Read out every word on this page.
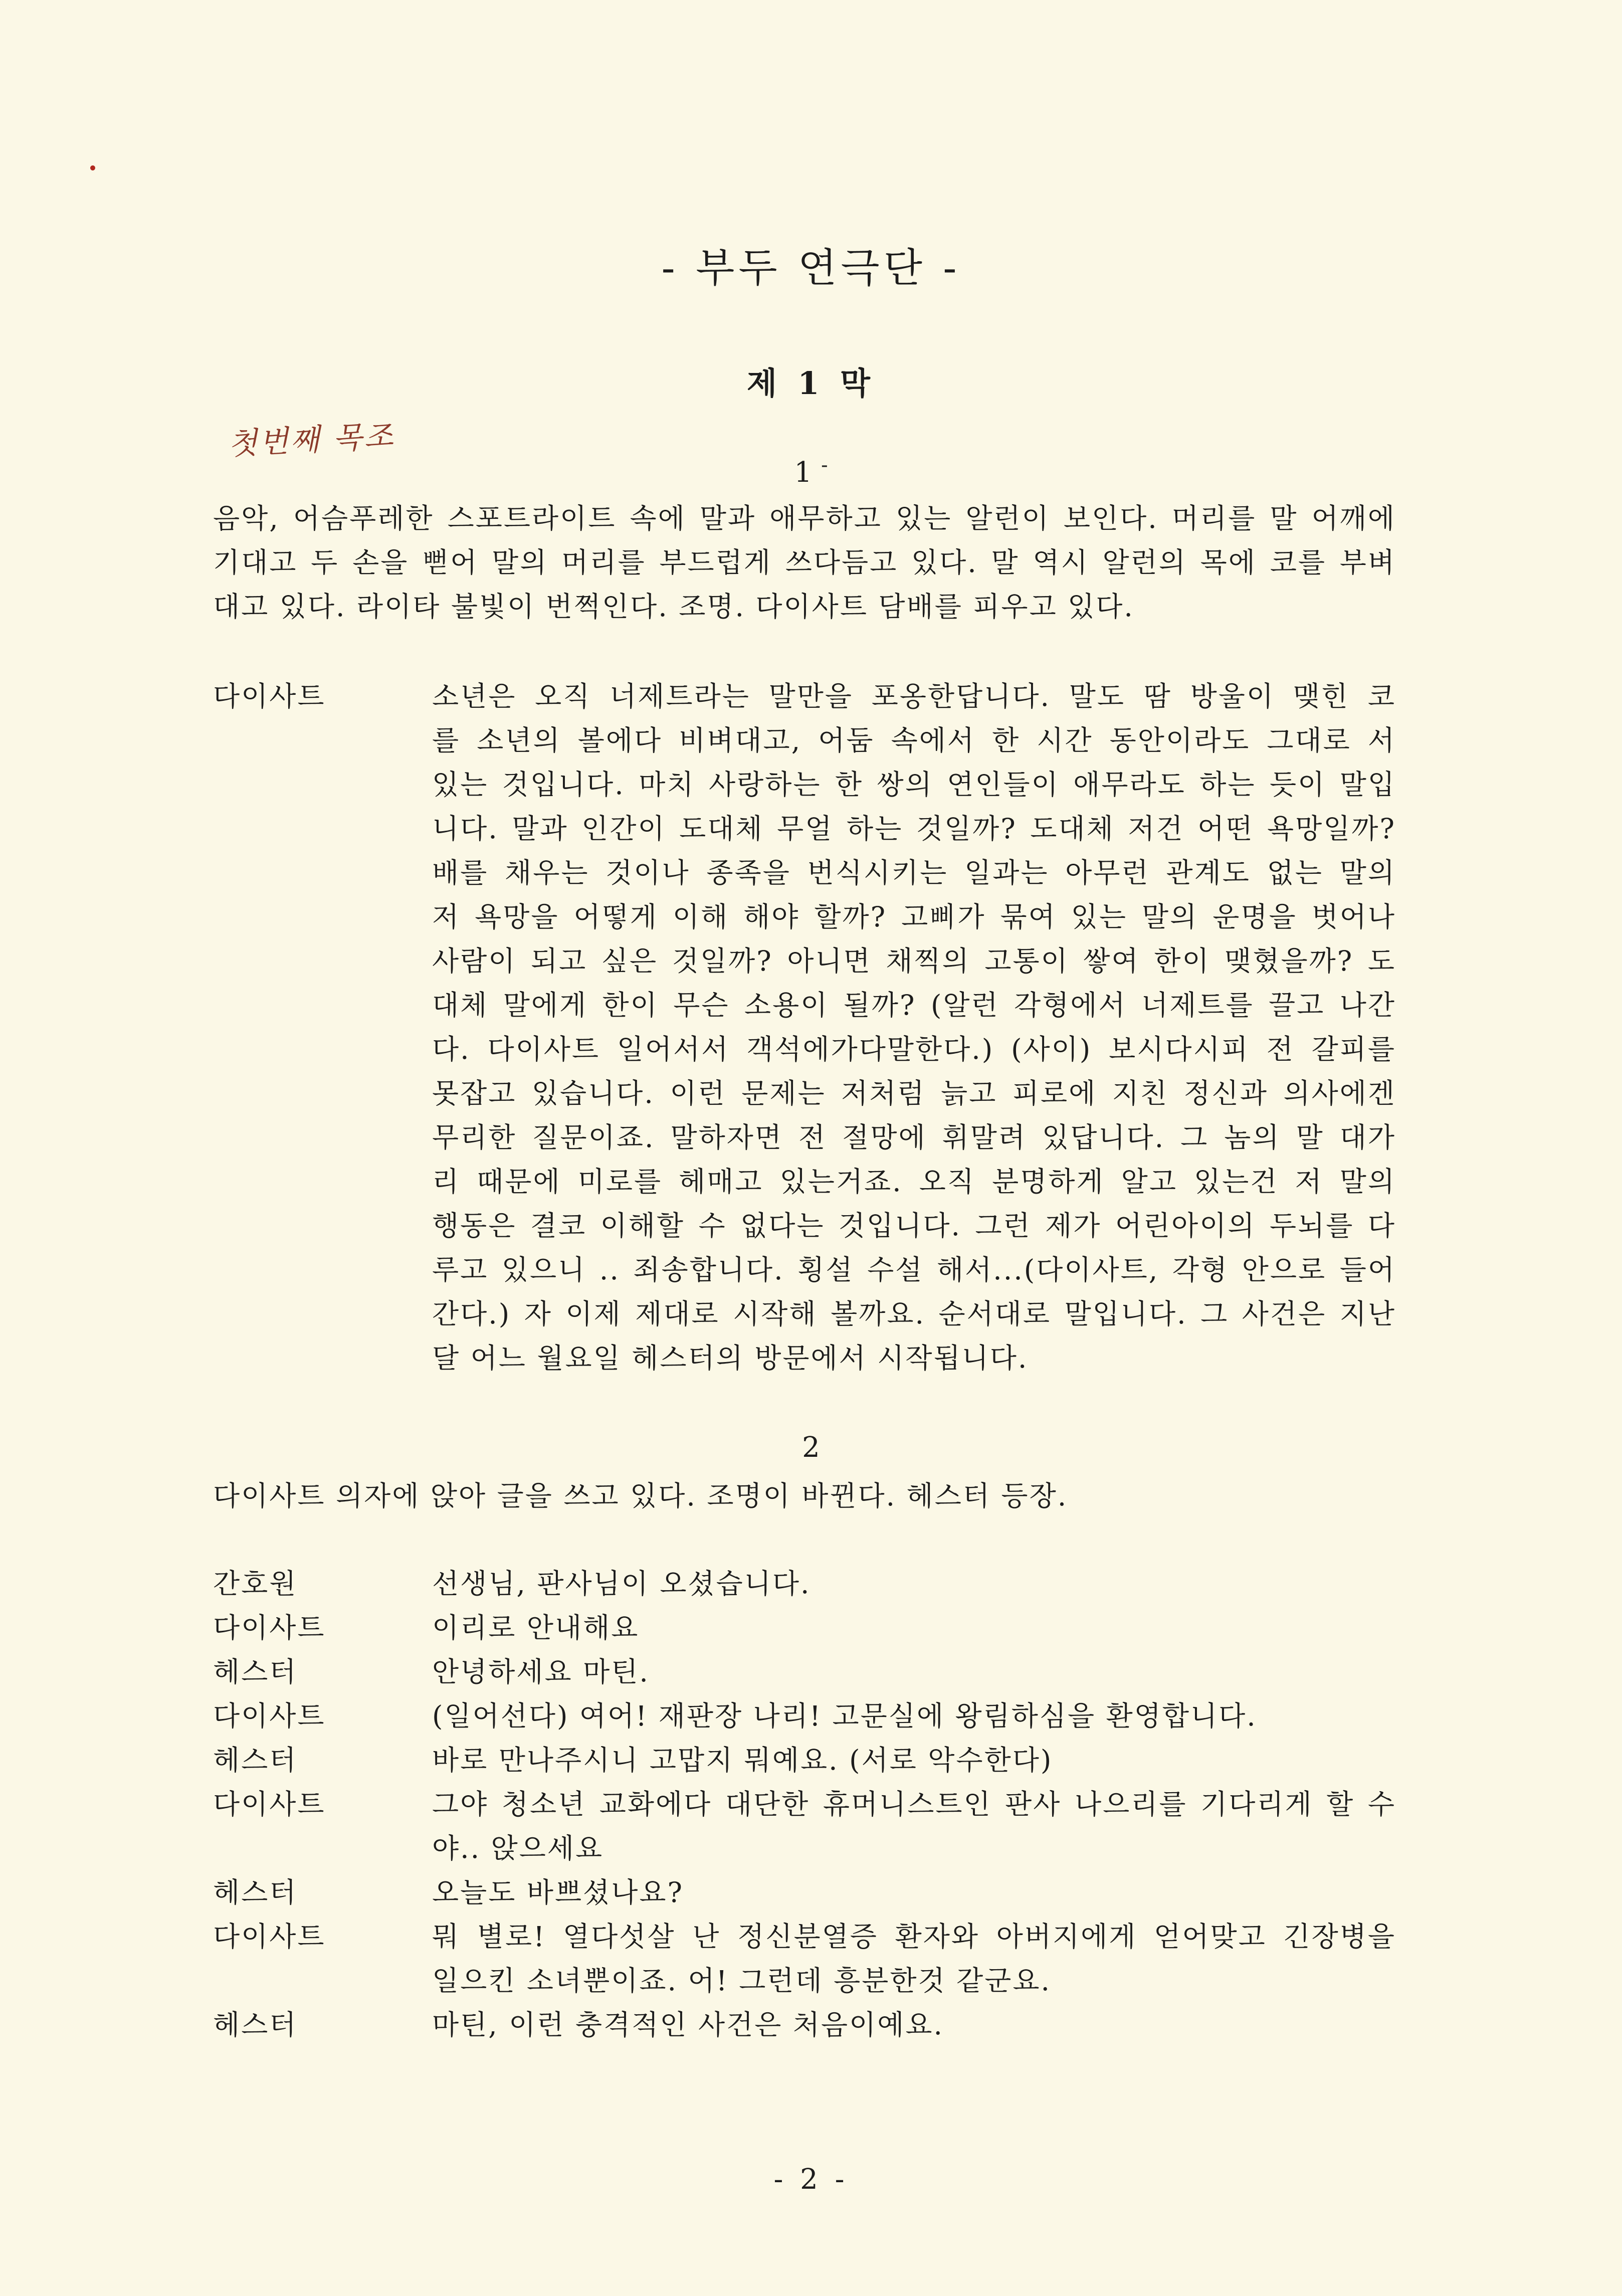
- 부두 연극단 -
제 1 막
첫번째 목조
1 -
음악, 어슴푸레한 스포트라이트 속에 말과 애무하고 있는 알런이 보인다. 머리를 말 어깨에
기대고 두 손을 뻗어 말의 머리를 부드럽게 쓰다듬고 있다. 말 역시 알런의 목에 코를 부벼
대고 있다. 라이타 불빛이 번쩍인다. 조명. 다이사트 담배를 피우고 있다.
다이사트	소년은 오직 너제트라는 말만을 포옹한답니다. 말도 땀 방울이 맺힌 코
를 소년의 볼에다 비벼대고, 어둠 속에서 한 시간 동안이라도 그대로 서
있는 것입니다. 마치 사랑하는 한 쌍의 연인들이 애무라도 하는 듯이 말입
니다. 말과 인간이 도대체 무얼 하는 것일까? 도대체 저건 어떤 욕망일까?
배를 채우는 것이나 종족을 번식시키는 일과는 아무런 관계도 없는 말의
저 욕망을 어떻게 이해 해야 할까? 고삐가 묶여 있는 말의 운명을 벗어나
사람이 되고 싶은 것일까? 아니면 채찍의 고통이 쌓여 한이 맺혔을까? 도
대체 말에게 한이 무슨 소용이 될까? (알런 각형에서 너제트를 끌고 나간
다. 다이사트 일어서서 객석에가다말한다.) (사이) 보시다시피 전 갈피를
못잡고 있습니다. 이런 문제는 저처럼 늙고 피로에 지친 정신과 의사에겐
무리한 질문이죠. 말하자면 전 절망에 휘말려 있답니다. 그 놈의 말 대가
리 때문에 미로를 헤매고 있는거죠. 오직 분명하게 알고 있는건 저 말의
행동은 결코 이해할 수 없다는 것입니다. 그런 제가 어린아이의 두뇌를 다
루고 있으니 .. 죄송합니다. 횡설 수설 해서...(다이사트, 각형 안으로 들어
간다.) 자 이제 제대로 시작해 볼까요. 순서대로 말입니다. 그 사건은 지난
달 어느 월요일 헤스터의 방문에서 시작됩니다.
2
다이사트 의자에 앉아 글을 쓰고 있다. 조명이 바뀐다. 헤스터 등장.
간호원	선생님, 판사님이 오셨습니다.
다이사트	이리로 안내해요
헤스터	안녕하세요 마틴.
다이사트	(일어선다) 여어! 재판장 나리! 고문실에 왕림하심을 환영합니다.
헤스터	바로 만나주시니 고맙지 뭐예요. (서로 악수한다)
다이사트	그야 청소년 교화에다 대단한 휴머니스트인 판사 나으리를 기다리게 할 수
야.. 앉으세요
헤스터	오늘도 바쁘셨나요?
다이사트	뭐 별로! 열다섯살 난 정신분열증 환자와 아버지에게 얻어맞고 긴장병을
일으킨 소녀뿐이죠. 어! 그런데 흥분한것 같군요.
헤스터	마틴, 이런 충격적인 사건은 처음이예요.
- 2 -
